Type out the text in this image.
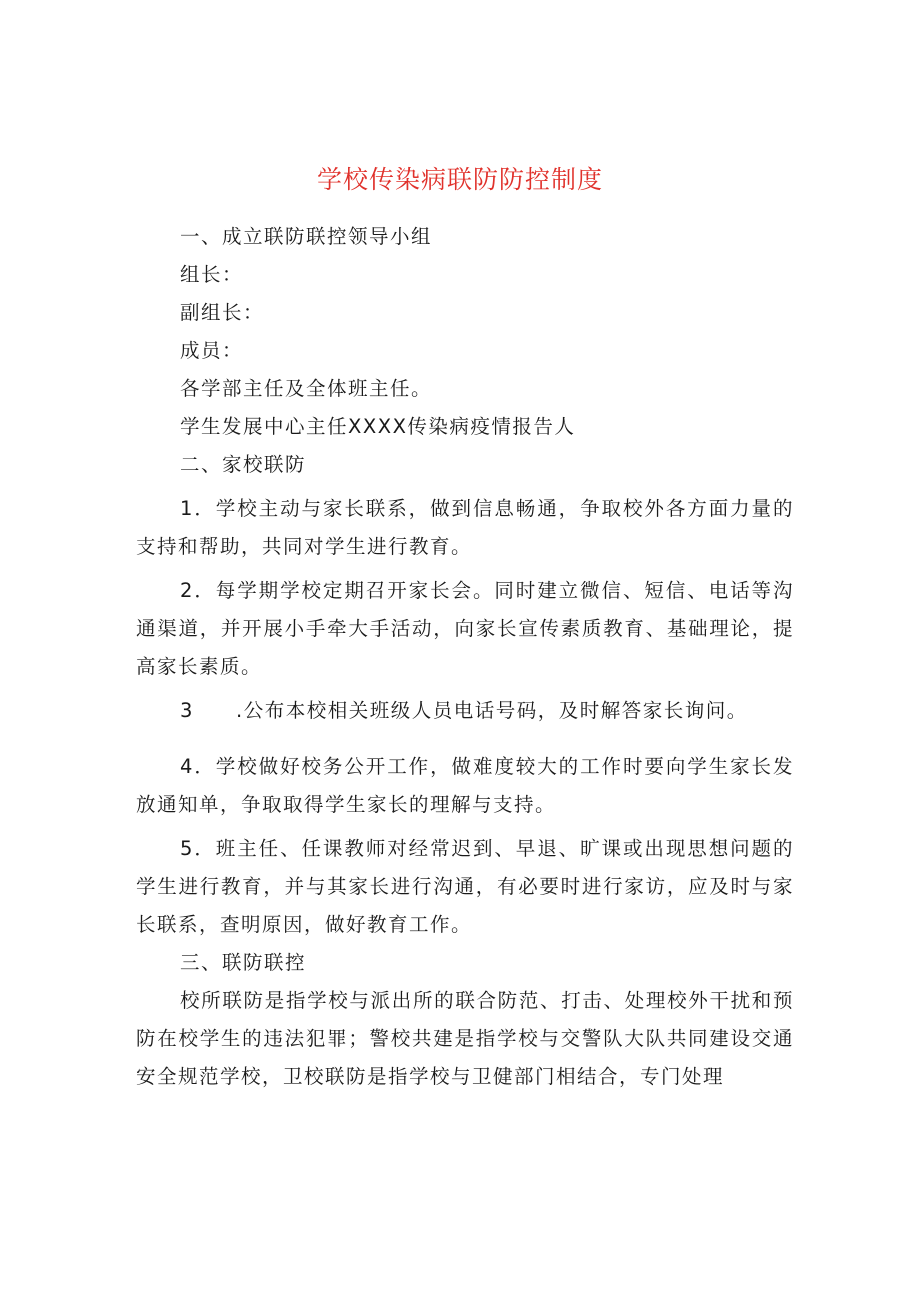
学校传染病联防防控制度

一、成立联防联控领导小组

组长：

副组长：

成员：

各学部主任及全体班主任。

学生发展中心主任XXXX传染病疫情报告人

二、家校联防

1．学校主动与家长联系，做到信息畅通，争取校外各方面力量的支持和帮助，共同对学生进行教育。

2．每学期学校定期召开家长会。同时建立微信、短信、电话等沟通渠道，并开展小手牵大手活动，向家长宣传素质教育、基础理论，提高家长素质。

3 .公布本校相关班级人员电话号码，及时解答家长询问。

4．学校做好校务公开工作，做难度较大的工作时要向学生家长发放通知单，争取取得学生家长的理解与支持。

5．班主任、任课教师对经常迟到、早退、旷课或出现思想问题的学生进行教育，并与其家长进行沟通，有必要时进行家访，应及时与家长联系，查明原因，做好教育工作。

三、联防联控

校所联防是指学校与派出所的联合防范、打击、处理校外干扰和预防在校学生的违法犯罪；警校共建是指学校与交警队大队共同建设交通安全规范学校，卫校联防是指学校与卫健部门相结合，专门处理
